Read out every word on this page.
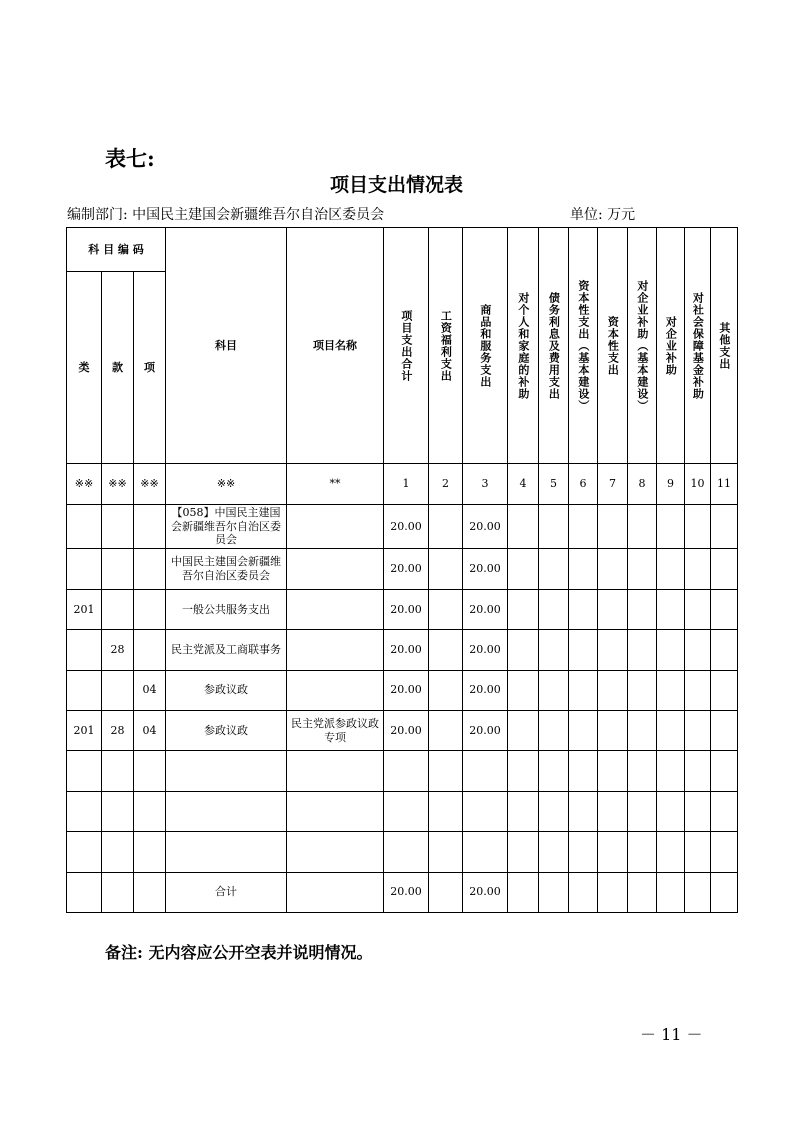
表七:
项目支出情况表
编制部门: 中国民主建国会新疆维吾尔自治区委员会	单位: 万元
科 目 编 码			科目	项目名称	项目支出合计	工资福利支出	商品和服务支出	对个人和家庭的补助	债务利息及费用支出	资本性支出（基本建设）	资本性支出	对企业补助（基本建设）	对企业补助	对社会保障基金补助	其他支出
类	款	项													
※※	※※	※※	※※	**	1	2	3	4	5	6	7	8	9	10	11
			【058】中国民主建国会新疆维吾尔自治区委员会		20.00		20.00								
			中国民主建国会新疆维吾尔自治区委员会		20.00		20.00								
201			一般公共服务支出		20.00		20.00								
	28		民主党派及工商联事务		20.00		20.00								
		04	参政议政		20.00		20.00								
201	28	04	参政议政	民主党派参政议政专项	20.00		20.00								

			合计		20.00		20.00								
备注: 无内容应公开空表并说明情况。
－ 11 －
